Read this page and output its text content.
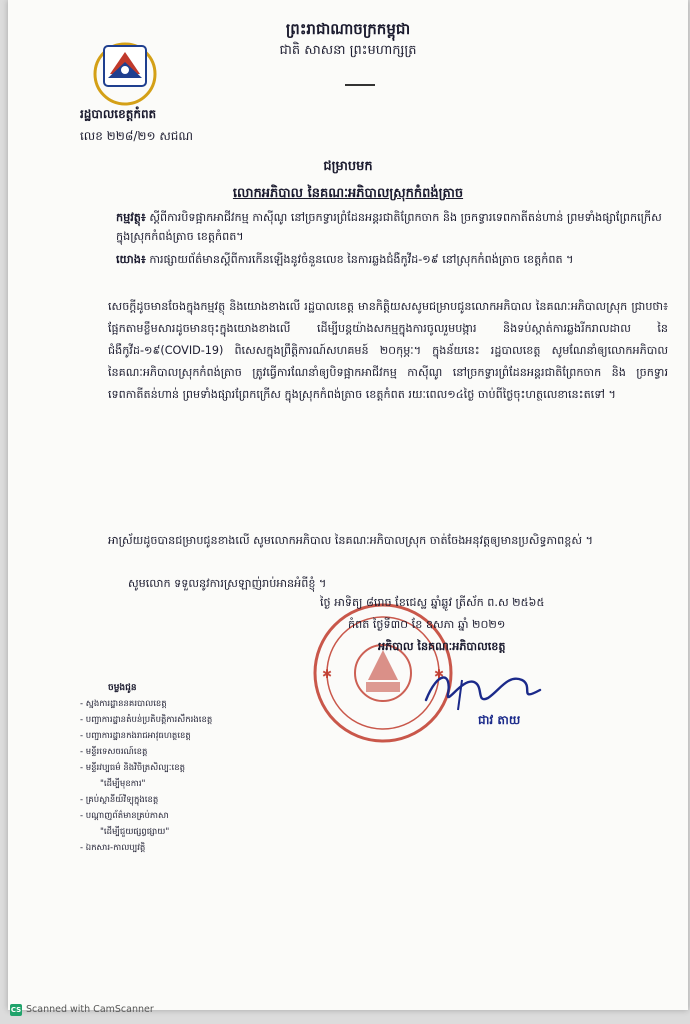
ព្រះរាជាណាចក្រកម្ពុជា
ជាតិ សាសនា ព្រះមហាក្សត្រ
រដ្ឋបាលខេត្តកំពត
លេខ ២២៨/២១ សជណ
ជម្រាបមក
លោកអភិបាល នៃគណៈអភិបាលស្រុកកំពង់ត្រាច
កម្មវត្ថុ៖ ស្តីពីការបិទផ្អាកអាជីវកម្ម កាស៊ីណូ នៅច្រកទ្វារព្រំដែនអន្តរជាតិព្រែកចាក និង ច្រកទ្វារទេពកាតីតន់ហាន់ ព្រមទាំងផ្សាព្រែកក្រើស ក្នុងស្រុកកំពង់ត្រាច ខេត្តកំពត។
យោង៖ ការផ្សាយព័ត៌មានស្តីពីការកើនឡើងនូវចំនួនលេខ នៃការឆ្លងជំងឺកូវីដ-១៩ នៅស្រុកកំពង់ត្រាច ខេត្តកំពត ។
សេចក្តីដូចមានចែងក្នុងកម្មវត្ថុ និងយោងខាងលើ រដ្ឋបាលខេត្ត មានកិត្តិយសសូមជម្រាបជូនលោកអភិបាល នៃគណៈអភិបាលស្រុក ជ្រាបថា៖ ផ្អែកតាមខ្លឹមសារដូចមានចុះក្នុងយោងខាងលើ ដើម្បីបន្តយ៉ាងសកម្មក្នុងការចូលរួមបង្ការ និងទប់ស្កាត់ការឆ្លងរីករាលដាល នៃជំងឺកូវីដ-១៩(COVID-19) ពិសេសក្នុងព្រឹត្តិការណ៍សហគមន៍ ២០កុម្ភៈ។ ក្នុងន័យនេះ រដ្ឋបាលខេត្ត សូមណែនាំឲ្យលោកអភិបាល នៃគណៈអភិបាលស្រុកកំពង់ត្រាច ត្រូវធ្វើការណែនាំឲ្យបិទផ្អាកអាជីវកម្ម កាស៊ីណូ នៅច្រកទ្វារព្រំដែនអន្តរជាតិព្រែកចាក និង ច្រកទ្វារទេពកាតីតន់ហាន់ ព្រមទាំងផ្សារព្រែកក្រើស ក្នុងស្រុកកំពង់ត្រាច ខេត្តកំពត រយៈពេល១៤ថ្ងៃ ចាប់ពីថ្ងៃចុះហត្ថលេខានេះតទៅ ។
អាស្រ័យដូចបានជម្រាបជូនខាងលើ សូមលោកអភិបាល នៃគណៈអភិបាលស្រុក ចាត់ចែងអនុវត្តឲ្យមានប្រសិទ្ធភាពខ្ពស់ ។
សូមលោក ទទួលនូវការស្រឡាញ់រាប់អានអំពីខ្ញុំ ។
✱	✱
ថ្ងៃ អាទិត្យ ៨រោច ខែជេស្ឋ ឆ្នាំឆ្លូវ ត្រីស័ក ព.ស ២៥៦៥
កំពត ថ្ងៃទី៣០ ខែ ឧសភា ឆ្នាំ ២០២១
អភិបាល នៃគណៈអភិបាលខេត្ត
ជាវ តាយ
ចម្លងជូន
- ស្នងការដ្ឋាននគរបាលខេត្ត
- បញ្ជាការដ្ឋានតំបន់ប្រតិបត្តិការសឹករងខេត្ត
- បញ្ជាការដ្ឋានកងរាជអាវុធហត្ថខេត្ត
- មន្ទីរទេសចរណ៍ខេត្ត
- មន្ទីរវប្បធម៌ និងវិចិត្រសិល្បៈខេត្ត
"ដើម្បីមុខការ"
- គ្រប់ស្ថានីយ៍វិទ្យុក្នុងខេត្ត
- បណ្តាញព័ត៌មានគ្រប់ភាសា
"ដើម្បីជួយផ្សព្វផ្សាយ"
- ឯកសារ-កាលប្បវត្តិ
CS Scanned with CamScanner
